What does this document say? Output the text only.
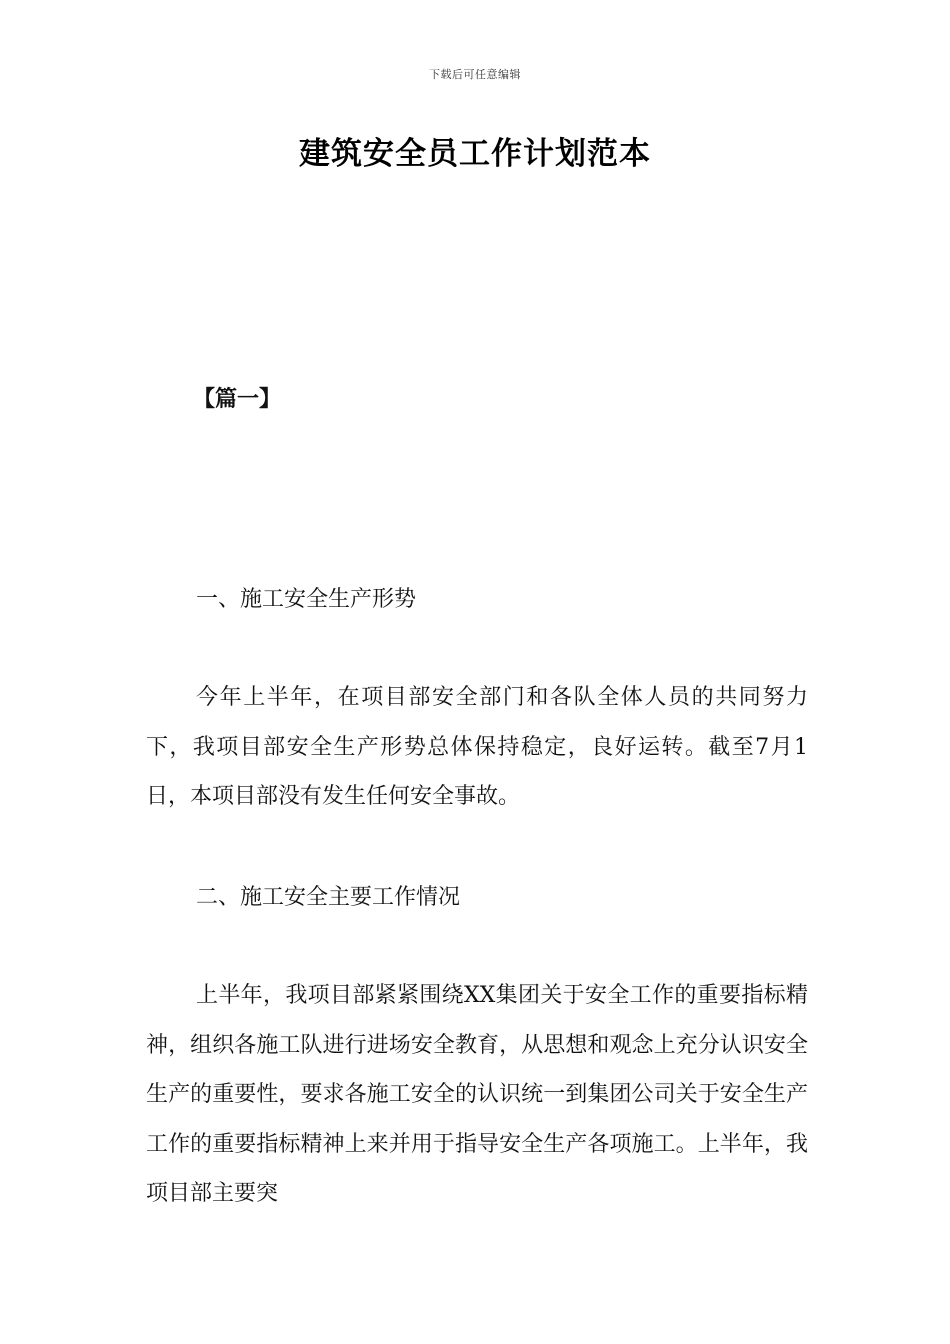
下载后可任意编辑
建筑安全员工作计划范本
【篇一】
一、施工安全生产形势

今年上半年，在项目部安全部门和各队全体人员的共同努力下，我项目部安全生产形势总体保持稳定，良好运转。截至7月1日，本项目部没有发生任何安全事故。

二、施工安全主要工作情况

上半年，我项目部紧紧围绕XX集团关于安全工作的重要指标精神，组织各施工队进行进场安全教育，从思想和观念上充分认识安全生产的重要性，要求各施工安全的认识统一到集团公司关于安全生产工作的重要指标精神上来并用于指导安全生产各项施工。上半年，我项目部主要突
